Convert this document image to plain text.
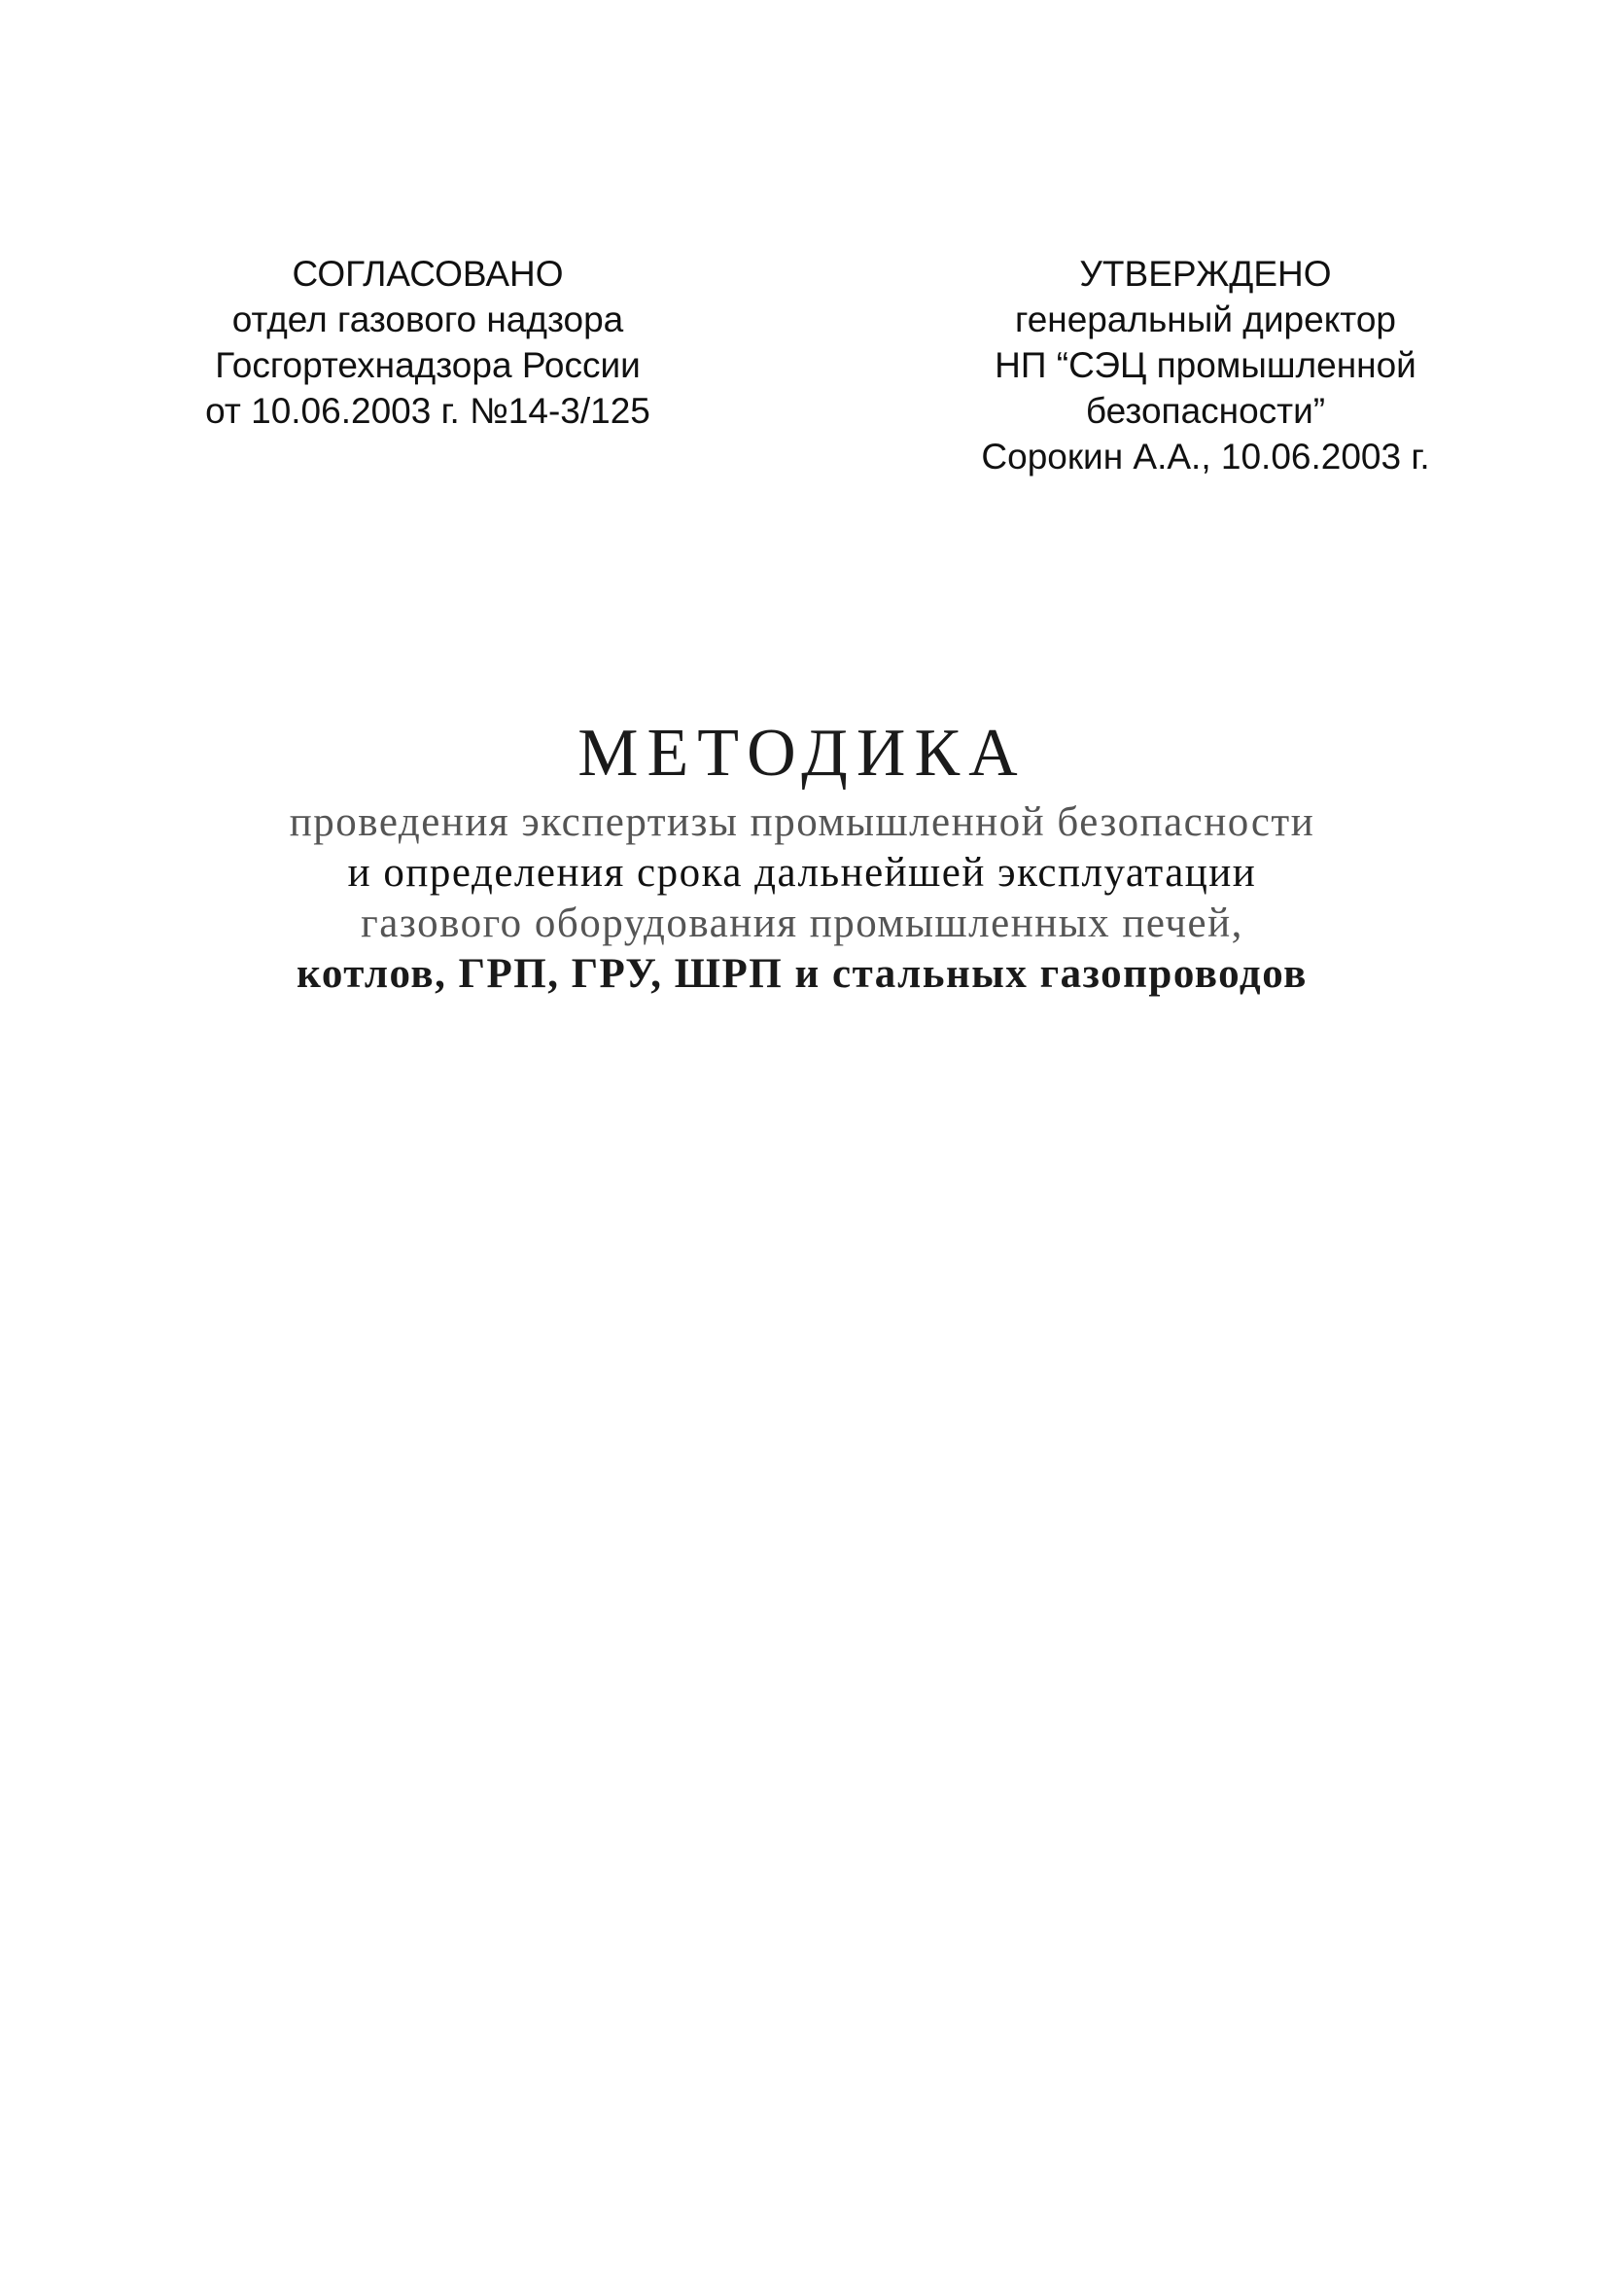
СОГЛАСОВАНО
отдел газового надзора
Госгортехнадзора России
от 10.06.2003 г. №14-3/125
УТВЕРЖДЕНО
генеральный директор
НП “СЭЦ промышленной
безопасности”
Сорокин А.А., 10.06.2003 г.
МЕТОДИКА
проведения экспертизы промышленной безопасности
и определения срока дальнейшей эксплуатации
газового оборудования промышленных печей,
котлов, ГРП, ГРУ, ШРП и стальных газопроводов
